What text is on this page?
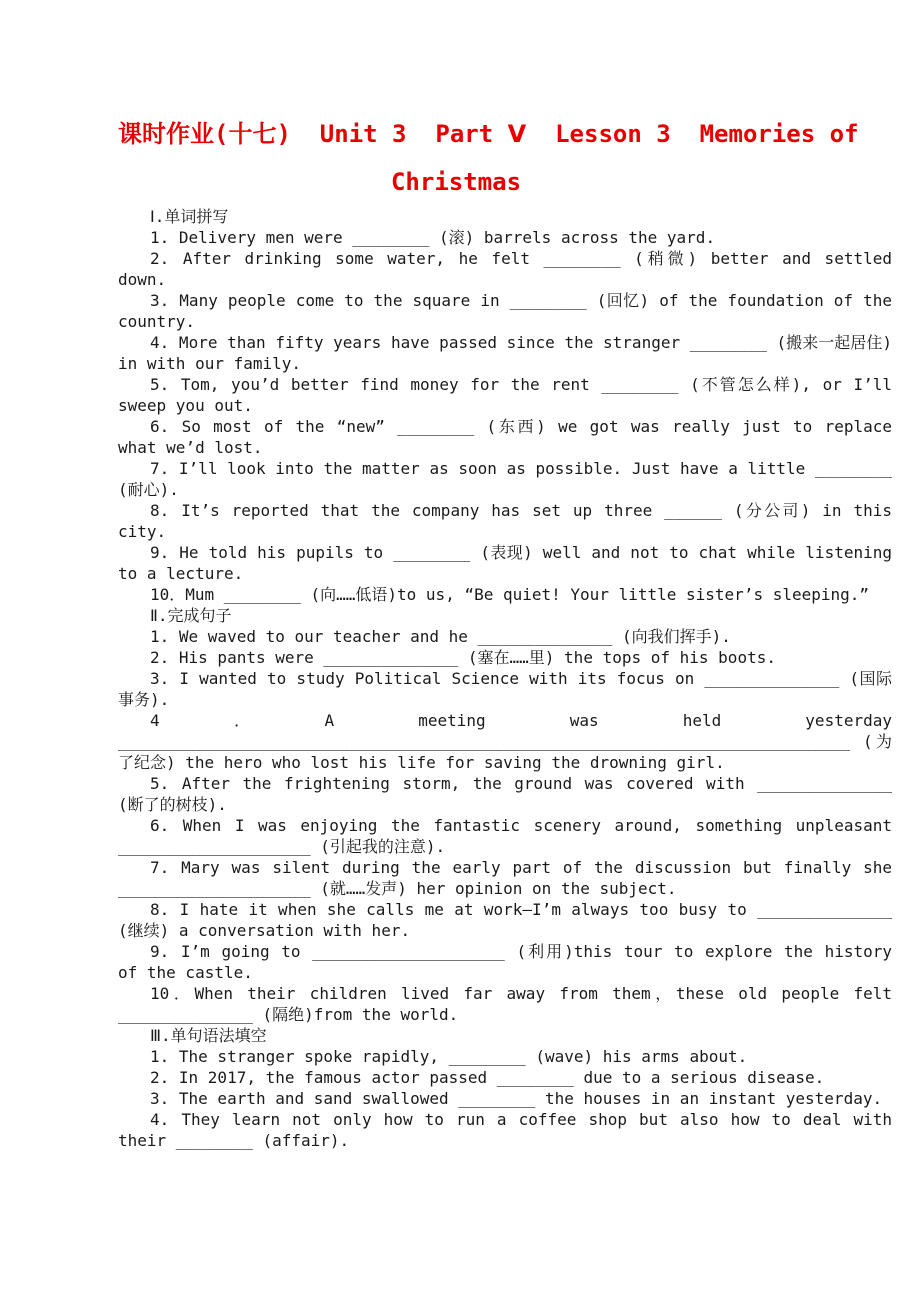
课时作业(十七)  Unit 3  Part Ⅴ  Lesson 3  Memories of
Christmas
Ⅰ.单词拼写

1. Delivery men were ________ (滚) barrels across the yard.

2. After drinking some water, he felt ________ (稍微) better and settled down.

3. Many people come to the square in ________ (回忆) of the foundation of the country.

4. More than fifty years have passed since the stranger ________ (搬来一起居住) in with our family.

5. Tom, you’d better find money for the rent ________ (不管怎么样), or I’ll sweep you out.

6. So most of the “new” ________ (东西) we got was really just to replace what we’d lost.

7. I’ll look into the matter as soon as possible. Just have a little ________ (耐心).

8. It’s reported that the company has set up three ______ (分公司) in this city.

9. He told his pupils to ________ (表现) well and not to chat while listening to a lecture.

10．Mum ________ (向……低语)to us, “Be quiet! Your little sister’s sleeping.”

Ⅱ.完成句子

1. We waved to our teacher and he ______________ (向我们挥手).

2. His pants were ______________ (塞在……里) the tops of his boots.

3. I wanted to study Political Science with its focus on ______________ (国际事务).

4．A meeting was held yesterday ____________________________________________________________________________ (为了纪念) the hero who lost his life for saving the drowning girl.

5. After the frightening storm, the ground was covered with ______________ (断了的树枝).

6. When I was enjoying the fantastic scenery around, something unpleasant ____________________ (引起我的注意).

7. Mary was silent during the early part of the discussion but finally she ____________________ (就……发声) her opinion on the subject.

8. I hate it when she calls me at work—I’m always too busy to ______________ (继续) a conversation with her.

9. I’m going to ____________________ (利用)this tour to explore the history of the castle.

10．When their children lived far away from them，these old people felt ______________ (隔绝)from the world.

Ⅲ.单句语法填空

1. The stranger spoke rapidly, ________ (wave) his arms about.

2. In 2017, the famous actor passed ________ due to a serious disease.

3. The earth and sand swallowed ________ the houses in an instant yesterday.

4. They learn not only how to run a coffee shop but also how to deal with their ________ (affair).
